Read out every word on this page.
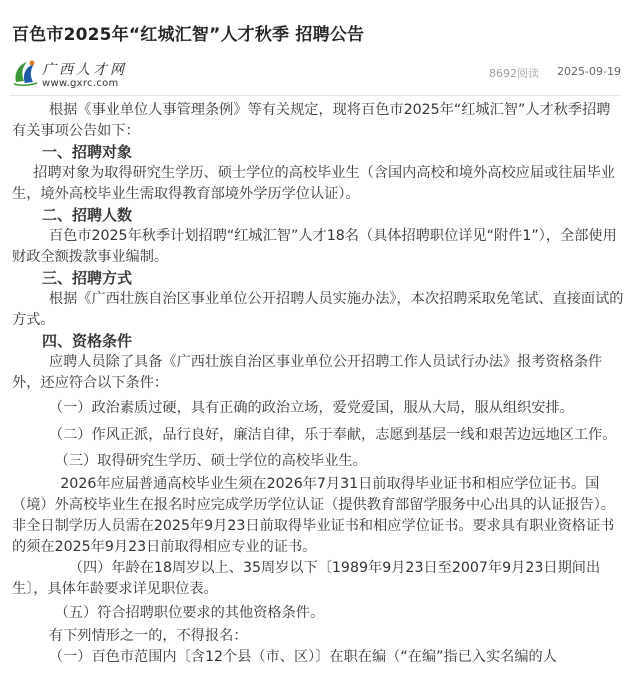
百色市2025年“红城汇智”人才秋季 招聘公告
广西人才网
www.gxrc.com
8692阅读 2025-09-19

根据《事业单位人事管理条例》等有关规定，现将百色市2025年“红城汇智”人才秋季招聘有关事项公告如下：

一、招聘对象

招聘对象为取得研究生学历、硕士学位的高校毕业生（含国内高校和境外高校应届或往届毕业生，境外高校毕业生需取得教育部境外学历学位认证）。

二、招聘人数

百色市2025年秋季计划招聘“红城汇智”人才18名（具体招聘职位详见“附件1”），全部使用财政全额拨款事业编制。

三、招聘方式

根据《广西壮族自治区事业单位公开招聘人员实施办法》，本次招聘采取免笔试、直接面试的方式。

四、资格条件

应聘人员除了具备《广西壮族自治区事业单位公开招聘工作人员试行办法》报考资格条件外，还应符合以下条件：

（一）政治素质过硬，具有正确的政治立场，爱党爱国，服从大局，服从组织安排。

（二）作风正派，品行良好，廉洁自律，乐于奉献，志愿到基层一线和艰苦边远地区工作。

（三）取得研究生学历、硕士学位的高校毕业生。

2026年应届普通高校毕业生须在2026年7月31日前取得毕业证书和相应学位证书。国（境）外高校毕业生在报名时应完成学历学位认证（提供教育部留学服务中心出具的认证报告）。非全日制学历人员需在2025年9月23日前取得毕业证书和相应学位证书。要求具有职业资格证书的须在2025年9月23日前取得相应专业的证书。

（四）年龄在18周岁以上、35周岁以下〔1989年9月23日至2007年9月23日期间出生〕，具体年龄要求详见职位表。

（五）符合招聘职位要求的其他资格条件。

有下列情形之一的，不得报名：

（一）百色市范围内〔含12个县（市、区）〕在职在编（“在编”指已入实名编的人
